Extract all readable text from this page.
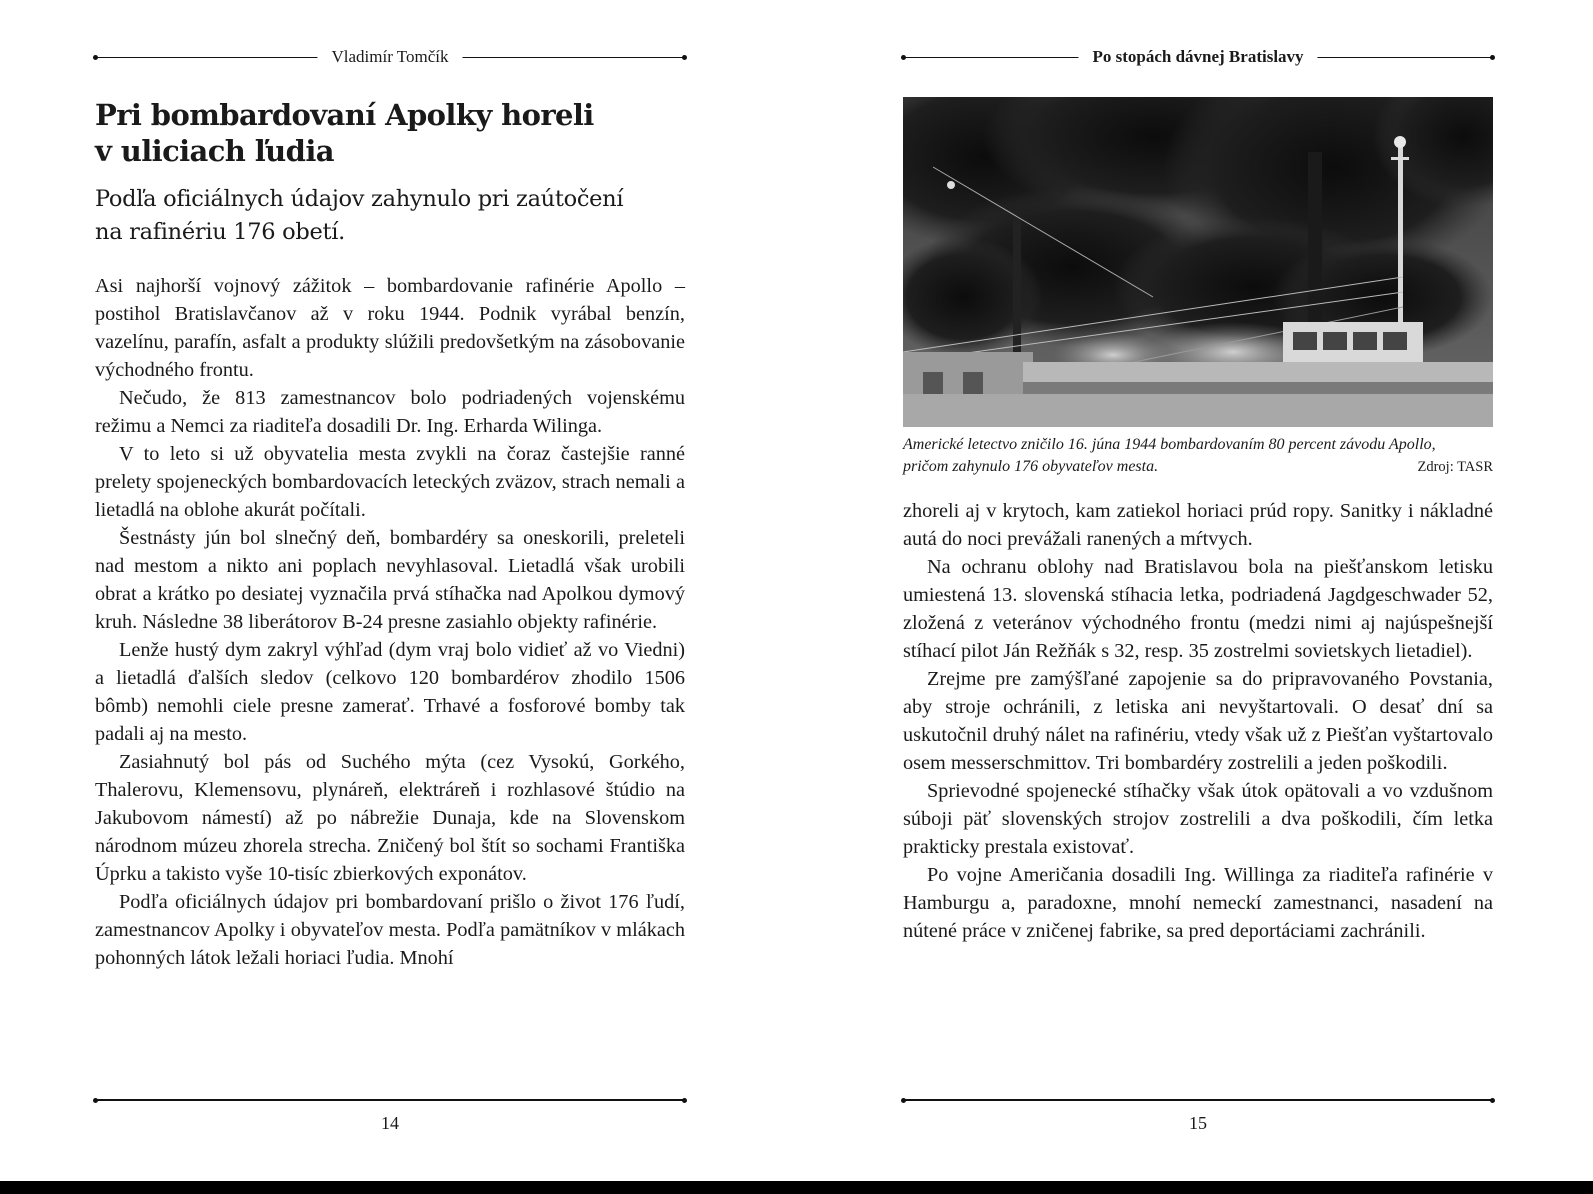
Vladimír Tomčík
Pri bombardovaní Apolky horeli
v uliciach ľudia
Podľa oficiálnych údajov zahynulo pri zaútočení
na rafinériu 176 obetí.

Asi najhorší vojnový zážitok – bombardovanie rafinérie Apollo – postihol Bratislavčanov až v roku 1944. Podnik vyrábal benzín, vazelínu, parafín, asfalt a produkty slúžili predovšetkým na zásobovanie východného frontu.

Nečudo, že 813 zamestnancov bolo podriadených vojenskému režimu a Nemci za riaditeľa dosadili Dr. Ing. Erharda Wilinga.

V to leto si už obyvatelia mesta zvykli na čoraz častejšie ranné prelety spojeneckých bombardovacích leteckých zväzov, strach nemali a lietadlá na oblohe akurát počítali.

Šestnásty jún bol slnečný deň, bombardéry sa oneskorili, preleteli nad mestom a nikto ani poplach nevyhlasoval. Lietadlá však urobili obrat a krátko po desiatej vyznačila prvá stíhačka nad Apolkou dymový kruh. Následne 38 liberátorov B-24 presne zasiahlo objekty rafinérie.

Lenže hustý dym zakryl výhľad (dym vraj bolo vidieť až vo Viedni) a lietadlá ďalších sledov (celkovo 120 bombardérov zhodilo 1506 bômb) nemohli ciele presne zamerať. Trhavé a fosforové bomby tak padali aj na mesto.

Zasiahnutý bol pás od Suchého mýta (cez Vysokú, Gorkého, Thalerovu, Klemensovu, plynáreň, elektráreň i rozhlasové štúdio na Jakubovom námestí) až po nábrežie Dunaja, kde na Slovenskom národnom múzeu zhorela strecha. Zničený bol štít so sochami Františka Úprku a takisto vyše 10-tisíc zbierkových exponátov.

Podľa oficiálnych údajov pri bombardovaní prišlo o život 176 ľudí, zamestnancov Apolky i obyvateľov mesta. Podľa pamätníkov v mlákach pohonných látok ležali horiaci ľudia. Mnohí

14
Po stopách dávnej Bratislavy
Americké letectvo zničilo 16. júna 1944 bombardovaním 80 percent závodu Apollo,
pričom zahynulo 176 obyvateľov mesta.	Zdroj: TASR

zhoreli aj v krytoch, kam zatiekol horiaci prúd ropy. Sanitky i nákladné autá do noci prevážali ranených a mŕtvych.

Na ochranu oblohy nad Bratislavou bola na piešťanskom letisku umiestená 13. slovenská stíhacia letka, podriadená Jagdgeschwader 52, zložená z veteránov východného frontu (medzi nimi aj najúspešnejší stíhací pilot Ján Režňák s 32, resp. 35 zostrelmi sovietskych lietadiel).

Zrejme pre zamýšľané zapojenie sa do pripravovaného Povstania, aby stroje ochránili, z letiska ani nevyštartovali. O desať dní sa uskutočnil druhý nálet na rafinériu, vtedy však už z Piešťan vyštartovalo osem messerschmittov. Tri bombardéry zostrelili a jeden poškodili.

Sprievodné spojenecké stíhačky však útok opätovali a vo vzdušnom súboji päť slovenských strojov zostrelili a dva poškodili, čím letka prakticky prestala existovať.

Po vojne Američania dosadili Ing. Willinga za riaditeľa rafinérie v Hamburgu a, paradoxne, mnohí nemeckí zamestnanci, nasadení na nútené práce v zničenej fabrike, sa pred deportáciami zachránili.

15
